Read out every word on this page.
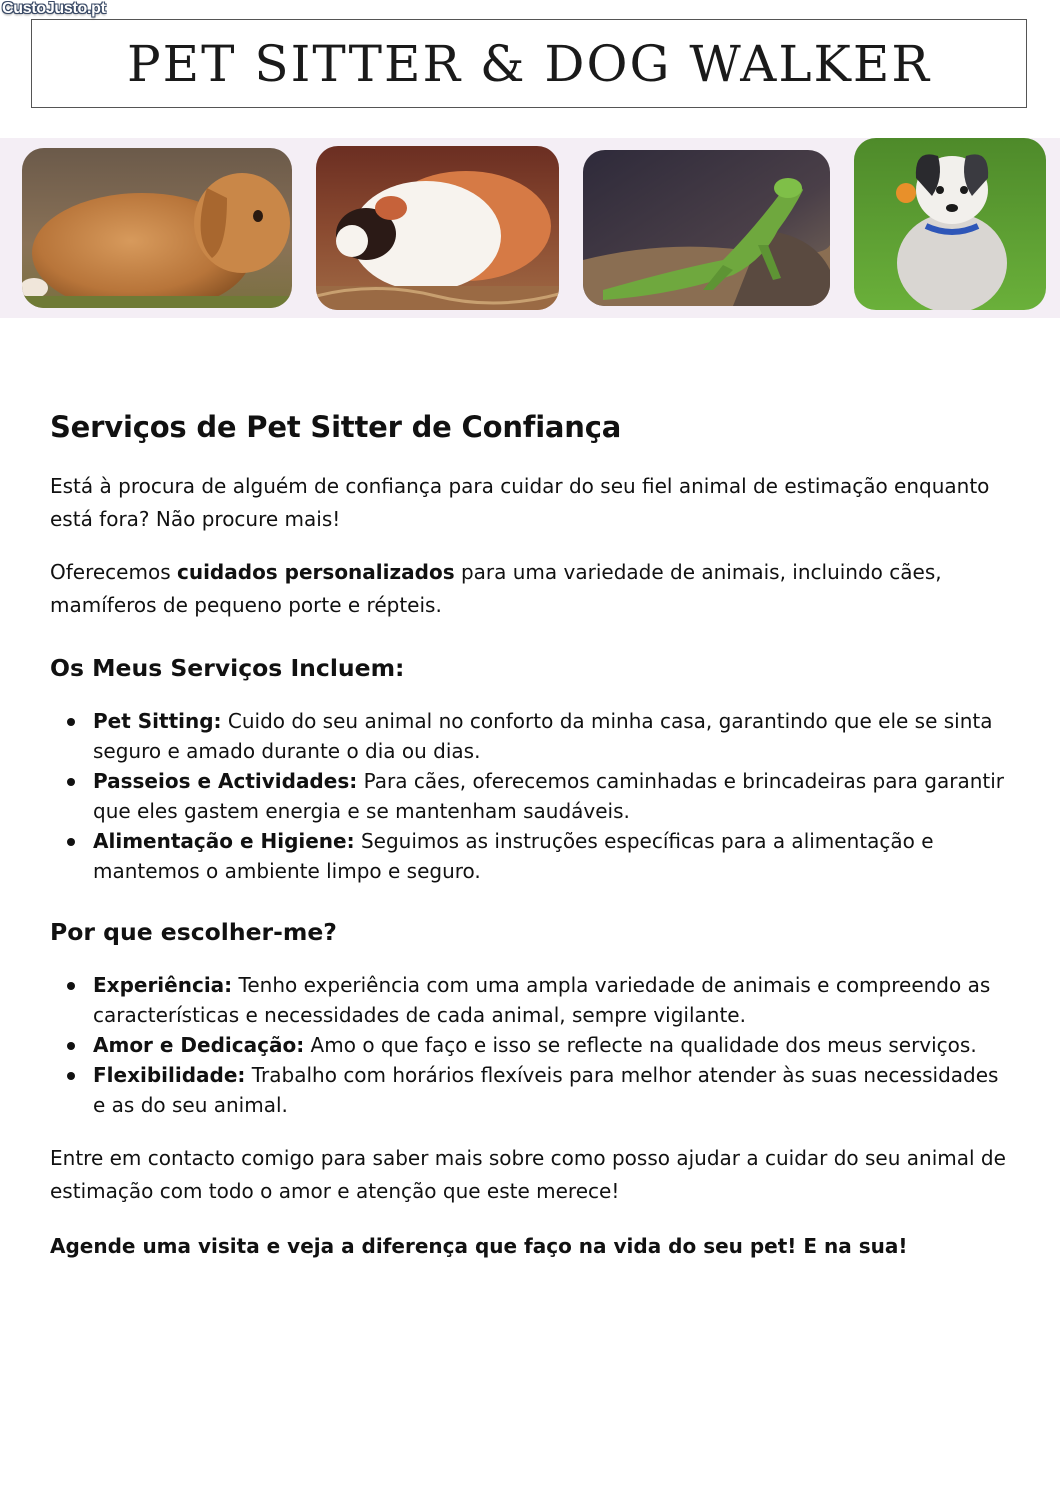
CustoJusto.pt
PET SITTER & DOG WALKER
Serviços de Pet Sitter de Confiança

Está à procura de alguém de confiança para cuidar do seu fiel animal de estimação enquanto está fora? Não procure mais!

Oferecemos cuidados personalizados para uma variedade de animais, incluindo cães, mamíferos de pequeno porte e répteis.

Os Meus Serviços Incluem:
Pet Sitting: Cuido do seu animal no conforto da minha casa, garantindo que ele se sinta seguro e amado durante o dia ou dias.
Passeios e Actividades: Para cães, oferecemos caminhadas e brincadeiras para garantir que eles gastem energia e se mantenham saudáveis.
Alimentação e Higiene: Seguimos as instruções específicas para a alimentação e mantemos o ambiente limpo e seguro.
Por que escolher-me?
Experiência: Tenho experiência com uma ampla variedade de animais e compreendo as características e necessidades de cada animal, sempre vigilante.
Amor e Dedicação: Amo o que faço e isso se reflecte na qualidade dos meus serviços.
Flexibilidade: Trabalho com horários flexíveis para melhor atender às suas necessidades e as do seu animal.

Entre em contacto comigo para saber mais sobre como posso ajudar a cuidar do seu animal de estimação com todo o amor e atenção que este merece!

Agende uma visita e veja a diferença que faço na vida do seu pet! E na sua!
